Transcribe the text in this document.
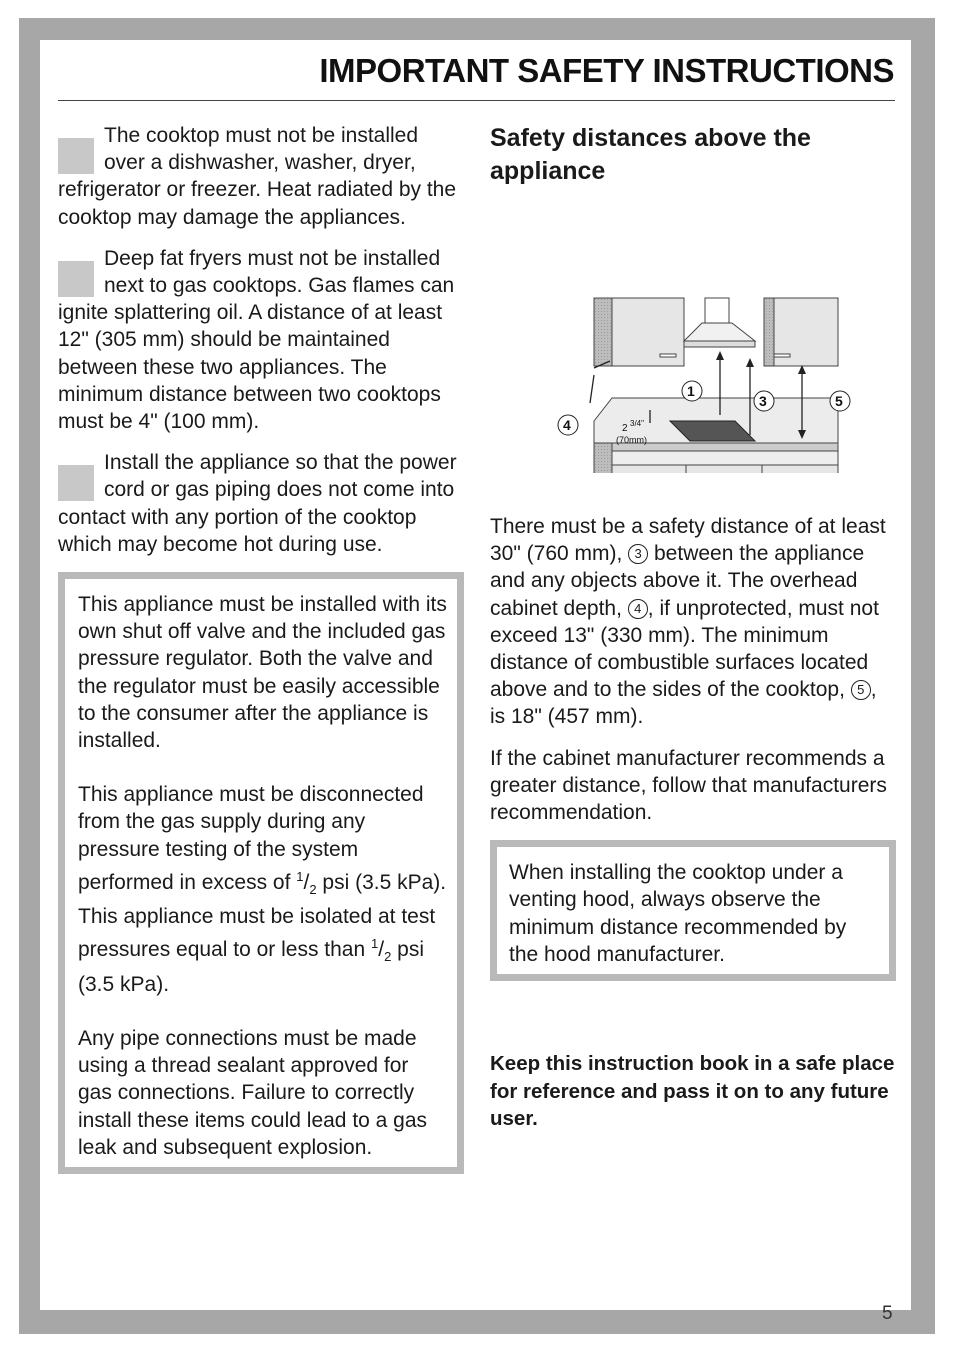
IMPORTANT SAFETY INSTRUCTIONS
The cooktop must not be installed over a dishwasher, washer, dryer, refrigerator or freezer. Heat radiated by the cooktop may damage the appliances.
Deep fat fryers must not be installed next to gas cooktops. Gas flames can ignite splattering oil. A distance of at least 12" (305 mm) should be maintained between these two appliances. The minimum distance between two cooktops must be 4" (100 mm).
Install the appliance so that the power cord or gas piping does not come into contact with any portion of the cooktop which may become hot during use.

This appliance must be installed with its own shut off valve and the included gas pressure regulator. Both the valve and the regulator must be easily accessible to the consumer after the appliance is installed.

This appliance must be disconnected from the gas supply during any pressure testing of the system performed in excess of $^1/_2$ psi (3.5 kPa). This appliance must be isolated at test pressures equal to or less than $^1/_2$ psi (3.5 kPa).

Any pipe connections must be made using a thread sealant approved for gas connections. Failure to correctly install these items could lead to a gas leak and subsequent explosion.

Safety distances above the appliance
1
3
4
5
2 3/4"
(70mm)
There must be a safety distance of at least 30" (760 mm), 3 between the appliance and any objects above it. The overhead cabinet depth, 4 , if unprotected, must not exceed 13" (330 mm). The minimum distance of combustible surfaces located above and to the sides of the cooktop, 5 , is 18" (457 mm).
If the cabinet manufacturer recommends a greater distance, follow that manufacturers recommendation.
When installing the cooktop under a venting hood, always observe the minimum distance recommended by the hood manufacturer.
Keep this instruction book in a safe place for reference and pass it on to any future user.
5
